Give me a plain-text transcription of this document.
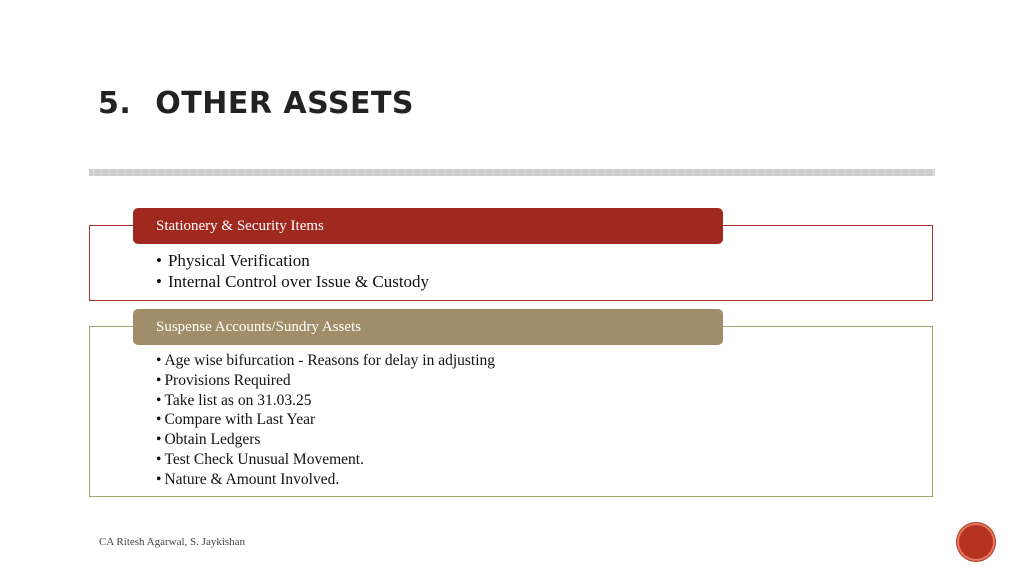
5. OTHER ASSETS
Stationery & Security Items
• Physical Verification
• Internal Control over Issue & Custody
Suspense Accounts/Sundry Assets
• Age wise bifurcation - Reasons for delay in adjusting
• Provisions Required
• Take list as on 31.03.25
• Compare with Last Year
• Obtain Ledgers
• Test Check Unusual Movement.
• Nature & Amount Involved.
CA Ritesh Agarwal, S. Jaykishan
